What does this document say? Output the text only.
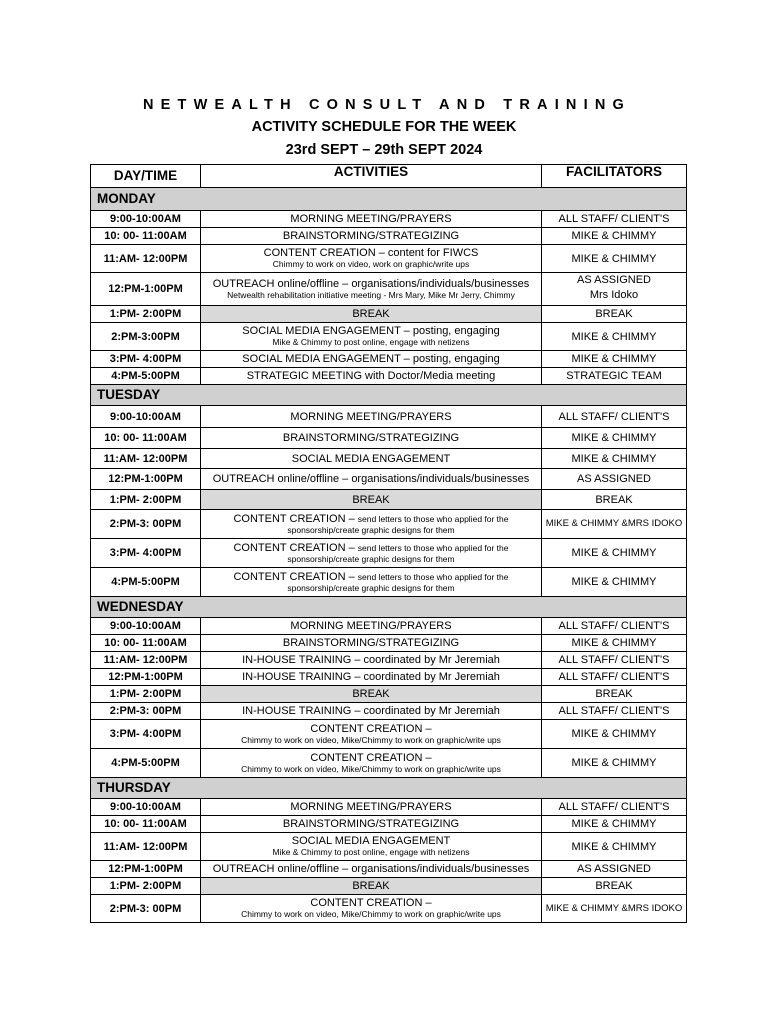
NETWEALTH CONSULT AND TRAINING
ACTIVITY SCHEDULE FOR THE WEEK
23rd SEPT – 29th SEPT 2024
DAY/TIME	ACTIVITIES	FACILITATORS
MONDAY		
9:00-10:00AM	MORNING MEETING/PRAYERS	ALL STAFF/ CLIENT'S
10: 00- 11:00AM	BRAINSTORMING/STRATEGIZING	MIKE & CHIMMY
11:AM- 12:00PM	CONTENT CREATION – content for FIWCS
Chimmy to work on video, work on graphic/write ups	MIKE & CHIMMY
12:PM-1:00PM	OUTREACH online/offline – organisations/individuals/businesses
Netwealth rehabilitation initiative meeting - Mrs Mary, Mike Mr Jerry, Chimmy	AS ASSIGNED
Mrs Idoko
1:PM- 2:00PM	BREAK	BREAK
2:PM-3:00PM	SOCIAL MEDIA ENGAGEMENT – posting, engaging
Mike & Chimmy to post online, engage with netizens	MIKE & CHIMMY
3:PM- 4:00PM	SOCIAL MEDIA ENGAGEMENT – posting, engaging	MIKE & CHIMMY
4:PM-5:00PM	STRATEGIC MEETING with Doctor/Media meeting	STRATEGIC TEAM
TUESDAY		
9:00-10:00AM	MORNING MEETING/PRAYERS	ALL STAFF/ CLIENT'S
10: 00- 11:00AM	BRAINSTORMING/STRATEGIZING	MIKE & CHIMMY
11:AM- 12:00PM	SOCIAL MEDIA ENGAGEMENT	MIKE & CHIMMY
12:PM-1:00PM	OUTREACH online/offline – organisations/individuals/businesses	AS ASSIGNED
1:PM- 2:00PM	BREAK	BREAK
2:PM-3: 00PM	CONTENT CREATION – send letters to those who applied for the
sponsorship/create graphic designs for them	MIKE & CHIMMY &MRS IDOKO
3:PM- 4:00PM	CONTENT CREATION – send letters to those who applied for the
sponsorship/create graphic designs for them	MIKE & CHIMMY
4:PM-5:00PM	CONTENT CREATION – send letters to those who applied for the
sponsorship/create graphic designs for them	MIKE & CHIMMY
WEDNESDAY		
9:00-10:00AM	MORNING MEETING/PRAYERS	ALL STAFF/ CLIENT'S
10: 00- 11:00AM	BRAINSTORMING/STRATEGIZING	MIKE & CHIMMY
11:AM- 12:00PM	IN-HOUSE TRAINING – coordinated by Mr Jeremiah	ALL STAFF/ CLIENT'S
12:PM-1:00PM	IN-HOUSE TRAINING – coordinated by Mr Jeremiah	ALL STAFF/ CLIENT'S
1:PM- 2:00PM	BREAK	BREAK
2:PM-3: 00PM	IN-HOUSE TRAINING – coordinated by Mr Jeremiah	ALL STAFF/ CLIENT'S
3:PM- 4:00PM	CONTENT CREATION –
Chimmy to work on video, Mike/Chimmy to work on graphic/write ups	MIKE & CHIMMY
4:PM-5:00PM	CONTENT CREATION –
Chimmy to work on video, Mike/Chimmy to work on graphic/write ups	MIKE & CHIMMY
THURSDAY		
9:00-10:00AM	MORNING MEETING/PRAYERS	ALL STAFF/ CLIENT'S
10: 00- 11:00AM	BRAINSTORMING/STRATEGIZING	MIKE & CHIMMY
11:AM- 12:00PM	SOCIAL MEDIA ENGAGEMENT
Mike & Chimmy to post online, engage with netizens	MIKE & CHIMMY
12:PM-1:00PM	OUTREACH online/offline – organisations/individuals/businesses	AS ASSIGNED
1:PM- 2:00PM	BREAK	BREAK
2:PM-3: 00PM	CONTENT CREATION –
Chimmy to work on video, Mike/Chimmy to work on graphic/write ups	MIKE & CHIMMY &MRS IDOKO
